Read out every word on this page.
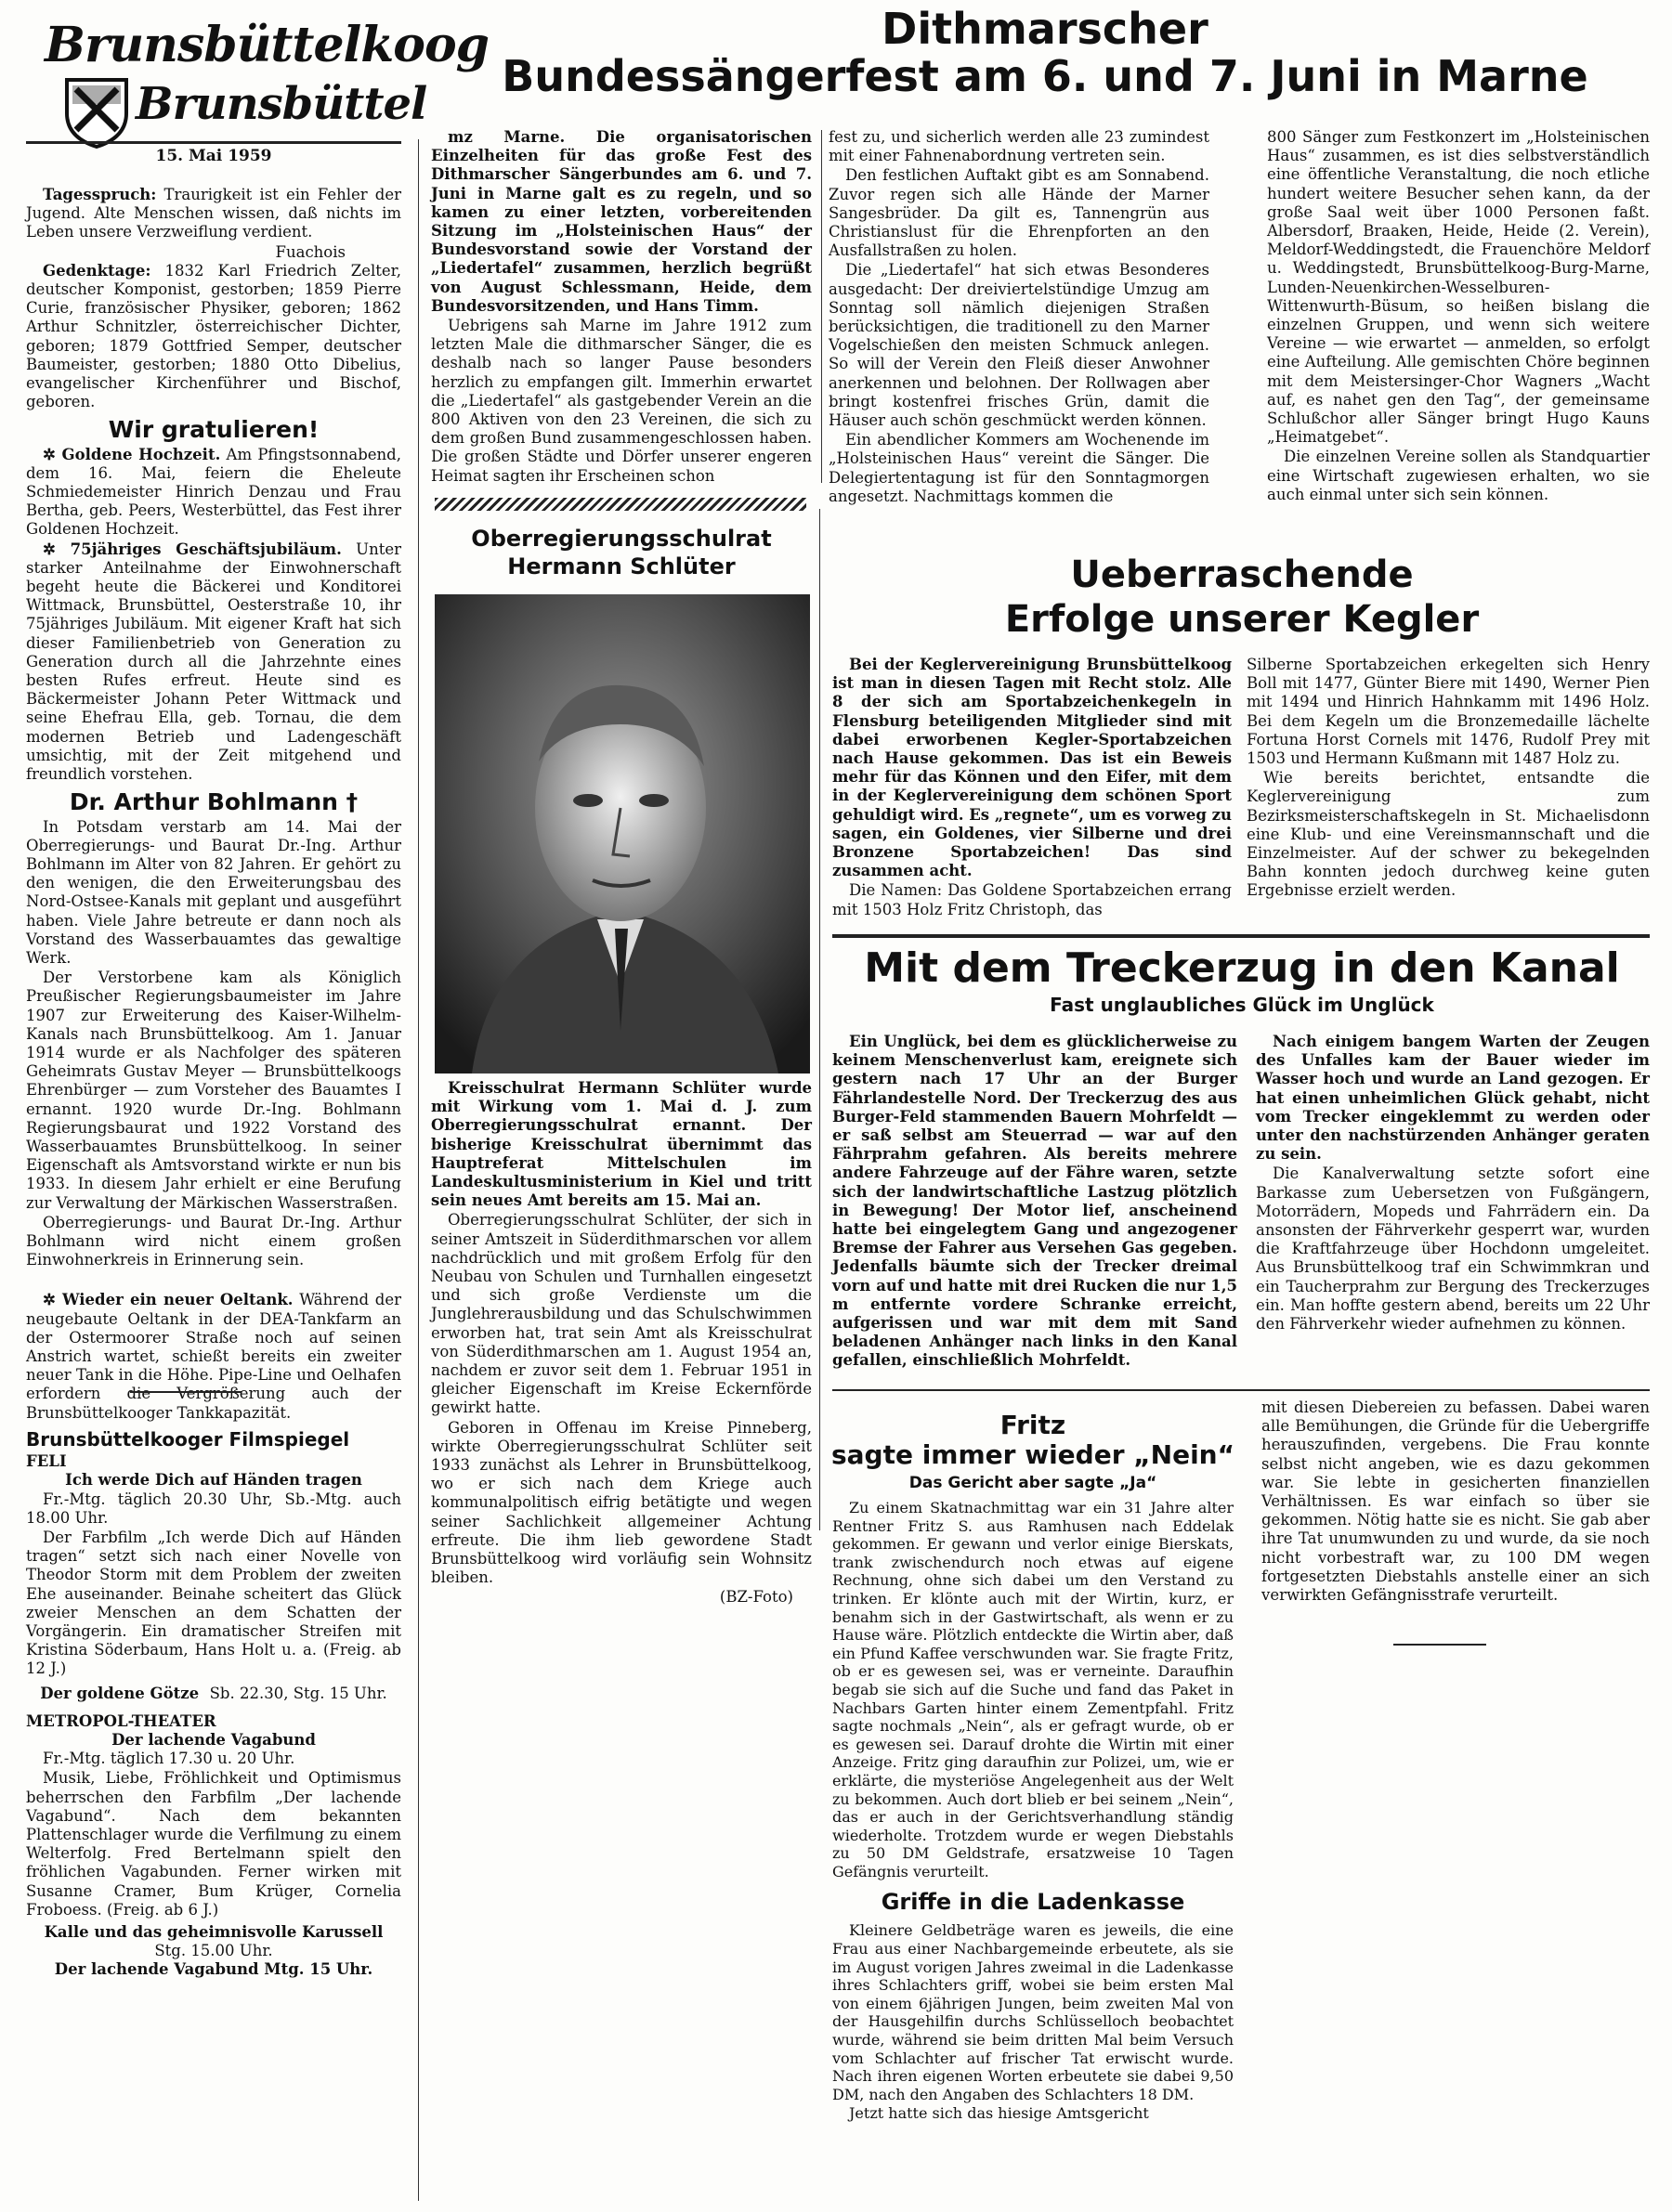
Brunsbüttelkoog
Brunsbüttel
15. Mai 1959

Tagesspruch: Traurigkeit ist ein Fehler der Jugend. Alte Menschen wissen, daß nichts im Leben unsere Verzweiflung verdient.

Fuachois

Gedenktage: 1832 Karl Friedrich Zelter, deutscher Komponist, gestorben; 1859 Pierre Curie, französischer Physiker, geboren; 1862 Arthur Schnitzler, österreichischer Dichter, geboren; 1879 Gottfried Semper, deutscher Baumeister, gestorben; 1880 Otto Dibelius, evangelischer Kirchenführer und Bischof, geboren.

Wir gratulieren!

✲ Goldene Hochzeit. Am Pfingstsonnabend, dem 16. Mai, feiern die Eheleute Schmiedemeister Hinrich Denzau und Frau Bertha, geb. Peers, Westerbüttel, das Fest ihrer Goldenen Hochzeit.

✲ 75jähriges Geschäftsjubiläum. Unter starker Anteilnahme der Einwohnerschaft begeht heute die Bäckerei und Konditorei Wittmack, Brunsbüttel, Oesterstraße 10, ihr 75jähriges Jubiläum. Mit eigener Kraft hat sich dieser Familienbetrieb von Generation zu Generation durch all die Jahrzehnte eines besten Rufes erfreut. Heute sind es Bäckermeister Johann Peter Wittmack und seine Ehefrau Ella, geb. Tornau, die dem modernen Betrieb und Ladengeschäft umsichtig, mit der Zeit mitgehend und freundlich vorstehen.

Dr. Arthur Bohlmann †

In Potsdam verstarb am 14. Mai der Oberregierungs- und Baurat Dr.-Ing. Arthur Bohlmann im Alter von 82 Jahren. Er gehört zu den wenigen, die den Erweiterungsbau des Nord-Ostsee-Kanals mit geplant und ausgeführt haben. Viele Jahre betreute er dann noch als Vorstand des Wasserbauamtes das gewaltige Werk.

Der Verstorbene kam als Königlich Preußischer Regierungsbaumeister im Jahre 1907 zur Erweiterung des Kaiser-Wilhelm-Kanals nach Brunsbüttelkoog. Am 1. Januar 1914 wurde er als Nachfolger des späteren Geheimrats Gustav Meyer — Brunsbüttelkoogs Ehrenbürger — zum Vorsteher des Bauamtes I ernannt. 1920 wurde Dr.-Ing. Bohlmann Regierungsbaurat und 1922 Vorstand des Wasserbauamtes Brunsbüttelkoog. In seiner Eigenschaft als Amtsvorstand wirkte er nun bis 1933. In diesem Jahr erhielt er eine Berufung zur Verwaltung der Märkischen Wasserstraßen.

Oberregierungs- und Baurat Dr.-Ing. Arthur Bohlmann wird nicht einem großen Einwohnerkreis in Erinnerung sein.

✲ Wieder ein neuer Oeltank. Während der neugebaute Oeltank in der DEA-Tankfarm an der Ostermoorer Straße noch auf seinen Anstrich wartet, schießt bereits ein zweiter neuer Tank in die Höhe. Pipe-Line und Oelhafen erfordern die Vergrößerung auch der Brunsbüttelkooger Tankkapazität.

Brunsbüttelkooger Filmspiegel
FELI
Ich werde Dich auf Händen tragen

Fr.-Mtg. täglich 20.30 Uhr, Sb.-Mtg. auch 18.00 Uhr.

Der Farbfilm „Ich werde Dich auf Händen tragen“ setzt sich nach einer Novelle von Theodor Storm mit dem Problem der zweiten Ehe auseinander. Beinahe scheitert das Glück zweier Menschen an dem Schatten der Vorgängerin. Ein dramatischer Streifen mit Kristina Söderbaum, Hans Holt u. a. (Freig. ab 12 J.)

Der goldene Götze Sb. 22.30, Stg. 15 Uhr.
METROPOL-THEATER
Der lachende Vagabund

Fr.-Mtg. täglich 17.30 u. 20 Uhr.

Musik, Liebe, Fröhlichkeit und Optimismus beherrschen den Farbfilm „Der lachende Vagabund“. Nach dem bekannten Plattenschlager wurde die Verfilmung zu einem Welterfolg. Fred Bertelmann spielt den fröhlichen Vagabunden. Ferner wirken mit Susanne Cramer, Bum Krüger, Cornelia Froboess. (Freig. ab 6 J.)

Kalle und das geheimnisvolle Karussell
Stg. 15.00 Uhr.
Der lachende Vagabund Mtg. 15 Uhr.
Dithmarscher
Bundessängerfest am 6. und 7. Juni in Marne

mz Marne. Die organisatorischen Einzelheiten für das große Fest des Dithmarscher Sängerbundes am 6. und 7. Juni in Marne galt es zu regeln, und so kamen zu einer letzten, vorbereitenden Sitzung im „Holsteinischen Haus“ der Bundesvorstand sowie der Vorstand der „Liedertafel“ zusammen, herzlich begrüßt von August Schlessmann, Heide, dem Bundesvorsitzenden, und Hans Timm.

Uebrigens sah Marne im Jahre 1912 zum letzten Male die dithmarscher Sänger, die es deshalb nach so langer Pause besonders herzlich zu empfangen gilt. Immerhin erwartet die „Liedertafel“ als gastgebender Verein an die 800 Aktiven von den 23 Vereinen, die sich zu dem großen Bund zusammengeschlossen haben. Die großen Städte und Dörfer unserer engeren Heimat sagten ihr Erscheinen schon

fest zu, und sicherlich werden alle 23 zumindest mit einer Fahnenabordnung vertreten sein.

Den festlichen Auftakt gibt es am Sonnabend. Zuvor regen sich alle Hände der Marner Sangesbrüder. Da gilt es, Tannengrün aus Christianslust für die Ehrenpforten an den Ausfallstraßen zu holen.

Die „Liedertafel“ hat sich etwas Besonderes ausgedacht: Der dreiviertelstündige Umzug am Sonntag soll nämlich diejenigen Straßen berücksichtigen, die traditionell zu den Marner Vogelschießen den meisten Schmuck anlegen. So will der Verein den Fleiß dieser Anwohner anerkennen und belohnen. Der Rollwagen aber bringt kostenfrei frisches Grün, damit die Häuser auch schön geschmückt werden können.

Ein abendlicher Kommers am Wochenende im „Holsteinischen Haus“ vereint die Sänger. Die Delegiertentagung ist für den Sonntagmorgen angesetzt. Nachmittags kommen die

800 Sänger zum Festkonzert im „Holsteinischen Haus“ zusammen, es ist dies selbstverständlich eine öffentliche Veranstaltung, die noch etliche hundert weitere Besucher sehen kann, da der große Saal weit über 1000 Personen faßt. Albersdorf, Braaken, Heide, Heide (2. Verein), Meldorf-Weddingstedt, die Frauenchöre Meldorf u. Weddingstedt, Brunsbüttelkoog-Burg-Marne, Lunden-Neuenkirchen-Wesselburen-Wittenwurth-Büsum, so heißen bislang die einzelnen Gruppen, und wenn sich weitere Vereine — wie erwartet — anmelden, so erfolgt eine Aufteilung. Alle gemischten Chöre beginnen mit dem Meistersinger-Chor Wagners „Wacht auf, es nahet gen den Tag“, der gemeinsame Schlußchor aller Sänger bringt Hugo Kauns „Heimatgebet“.

Die einzelnen Vereine sollen als Standquartier eine Wirtschaft zugewiesen erhalten, wo sie auch einmal unter sich sein können.

Oberregierungsschulrat
Hermann Schlüter

Kreisschulrat Hermann Schlüter wurde mit Wirkung vom 1. Mai d. J. zum Oberregierungsschulrat ernannt. Der bisherige Kreisschulrat übernimmt das Hauptreferat Mittelschulen im Landeskultusministerium in Kiel und tritt sein neues Amt bereits am 15. Mai an.

Oberregierungsschulrat Schlüter, der sich in seiner Amtszeit in Süderdithmarschen vor allem nachdrücklich und mit großem Erfolg für den Neubau von Schulen und Turnhallen eingesetzt und sich große Verdienste um die Junglehrerausbildung und das Schulschwimmen erworben hat, trat sein Amt als Kreisschulrat von Süderdithmarschen am 1. August 1954 an, nachdem er zuvor seit dem 1. Februar 1951 in gleicher Eigenschaft im Kreise Eckernförde gewirkt hatte.

Geboren in Offenau im Kreise Pinneberg, wirkte Oberregierungsschulrat Schlüter seit 1933 zunächst als Lehrer in Brunsbüttelkoog, wo er sich nach dem Kriege auch kommunalpolitisch eifrig betätigte und wegen seiner Sachlichkeit allgemeiner Achtung erfreute. Die ihm lieb gewordene Stadt Brunsbüttelkoog wird vorläufig sein Wohnsitz bleiben.

(BZ-Foto)
Ueberraschende
Erfolge unserer Kegler

Bei der Keglervereinigung Brunsbüttelkoog ist man in diesen Tagen mit Recht stolz. Alle 8 der sich am Sportabzeichenkegeln in Flensburg beteiligenden Mitglieder sind mit dabei erworbenen Kegler-Sportabzeichen nach Hause gekommen. Das ist ein Beweis mehr für das Können und den Eifer, mit dem in der Keglervereinigung dem schönen Sport gehuldigt wird. Es „regnete“, um es vorweg zu sagen, ein Goldenes, vier Silberne und drei Bronzene Sportabzeichen! Das sind zusammen acht.

Die Namen: Das Goldene Sportabzeichen errang mit 1503 Holz Fritz Christoph, das

Silberne Sportabzeichen erkegelten sich Henry Boll mit 1477, Günter Biere mit 1490, Werner Pien mit 1494 und Hinrich Hahnkamm mit 1496 Holz. Bei dem Kegeln um die Bronzemedaille lächelte Fortuna Horst Cornels mit 1476, Rudolf Prey mit 1503 und Hermann Kußmann mit 1487 Holz zu.

Wie bereits berichtet, entsandte die Keglervereinigung zum Bezirksmeisterschaftskegeln in St. Michaelisdonn eine Klub- und eine Vereinsmannschaft und die Einzelmeister. Auf der schwer zu bekegelnden Bahn konnten jedoch durchweg keine guten Ergebnisse erzielt werden.

Mit dem Treckerzug in den Kanal
Fast unglaubliches Glück im Unglück

Ein Unglück, bei dem es glücklicherweise zu keinem Menschenverlust kam, ereignete sich gestern nach 17 Uhr an der Burger Fährlandestelle Nord. Der Treckerzug des aus Burger-Feld stammenden Bauern Mohrfeldt — er saß selbst am Steuerrad — war auf den Fährprahm gefahren. Als bereits mehrere andere Fahrzeuge auf der Fähre waren, setzte sich der landwirtschaftliche Lastzug plötzlich in Bewegung! Der Motor lief, anscheinend hatte bei eingelegtem Gang und angezogener Bremse der Fahrer aus Versehen Gas gegeben. Jedenfalls bäumte sich der Trecker dreimal vorn auf und hatte mit drei Rucken die nur 1,5 m entfernte vordere Schranke erreicht, aufgerissen und war mit dem mit Sand beladenen Anhänger nach links in den Kanal gefallen, einschließlich Mohrfeldt.

Nach einigem bangem Warten der Zeugen des Unfalles kam der Bauer wieder im Wasser hoch und wurde an Land gezogen. Er hat einen unheimlichen Glück gehabt, nicht vom Trecker eingeklemmt zu werden oder unter den nachstürzenden Anhänger geraten zu sein.

Die Kanalverwaltung setzte sofort eine Barkasse zum Uebersetzen von Fußgängern, Motorrädern, Mopeds und Fahrrädern ein. Da ansonsten der Fährverkehr gesperrt war, wurden die Kraftfahrzeuge über Hochdonn umgeleitet. Aus Brunsbüttelkoog traf ein Schwimmkran und ein Taucherprahm zur Bergung des Treckerzuges ein. Man hoffte gestern abend, bereits um 22 Uhr den Fährverkehr wieder aufnehmen zu können.

Fritz
sagte immer wieder „Nein“
Das Gericht aber sagte „Ja“

Zu einem Skatnachmittag war ein 31 Jahre alter Rentner Fritz S. aus Ramhusen nach Eddelak gekommen. Er gewann und verlor einige Bierskats, trank zwischendurch noch etwas auf eigene Rechnung, ohne sich dabei um den Verstand zu trinken. Er klönte auch mit der Wirtin, kurz, er benahm sich in der Gastwirtschaft, als wenn er zu Hause wäre. Plötzlich entdeckte die Wirtin aber, daß ein Pfund Kaffee verschwunden war. Sie fragte Fritz, ob er es gewesen sei, was er verneinte. Daraufhin begab sie sich auf die Suche und fand das Paket in Nachbars Garten hinter einem Zementpfahl. Fritz sagte nochmals „Nein“, als er gefragt wurde, ob er es gewesen sei. Darauf drohte die Wirtin mit einer Anzeige. Fritz ging daraufhin zur Polizei, um, wie er erklärte, die mysteriöse Angelegenheit aus der Welt zu bekommen. Auch dort blieb er bei seinem „Nein“, das er auch in der Gerichtsverhandlung ständig wiederholte. Trotzdem wurde er wegen Diebstahls zu 50 DM Geldstrafe, ersatzweise 10 Tagen Gefängnis verurteilt.

Griffe in die Ladenkasse

Kleinere Geldbeträge waren es jeweils, die eine Frau aus einer Nachbargemeinde erbeutete, als sie im August vorigen Jahres zweimal in die Ladenkasse ihres Schlachters griff, wobei sie beim ersten Mal von einem 6jährigen Jungen, beim zweiten Mal von der Hausgehilfin durchs Schlüsselloch beobachtet wurde, während sie beim dritten Mal beim Versuch vom Schlachter auf frischer Tat erwischt wurde. Nach ihren eigenen Worten erbeutete sie dabei 9,50 DM, nach den Angaben des Schlachters 18 DM.

Jetzt hatte sich das hiesige Amtsgericht

mit diesen Diebereien zu befassen. Dabei waren alle Bemühungen, die Gründe für die Uebergriffe herauszufinden, vergebens. Die Frau konnte selbst nicht angeben, wie es dazu gekommen war. Sie lebte in gesicherten finanziellen Verhältnissen. Es war einfach so über sie gekommen. Nötig hatte sie es nicht. Sie gab aber ihre Tat unumwunden zu und wurde, da sie noch nicht vorbestraft war, zu 100 DM wegen fortgesetzten Diebstahls anstelle einer an sich verwirkten Gefängnisstrafe verurteilt.
